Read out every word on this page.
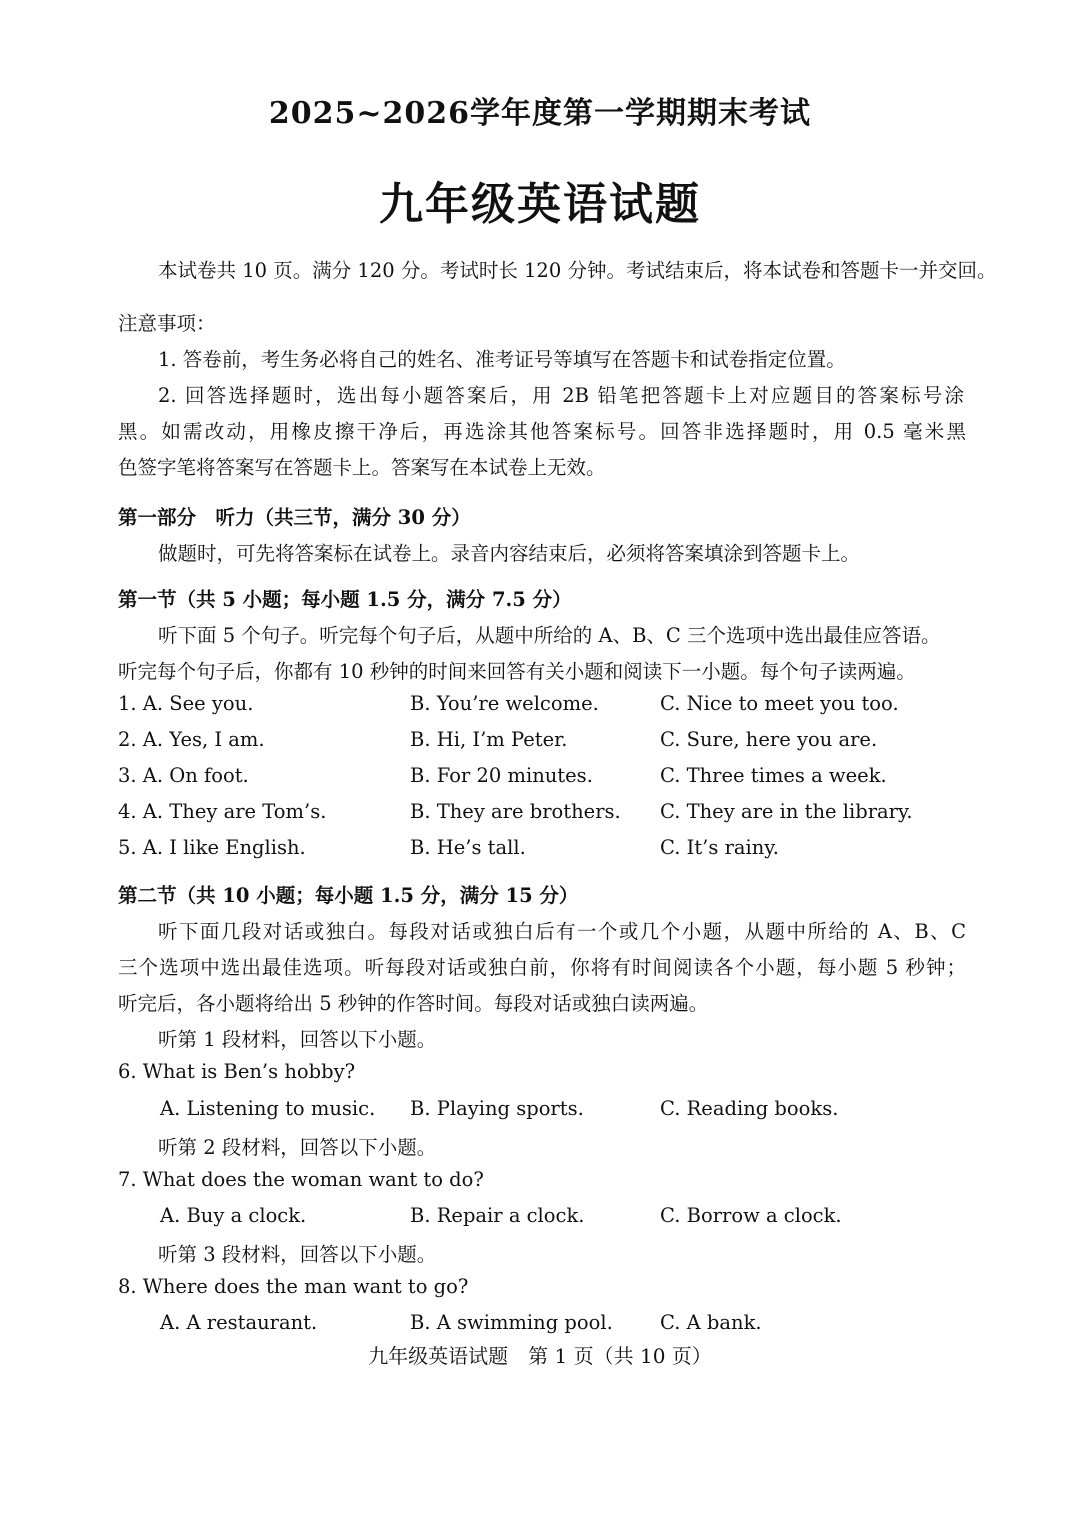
2025~2026学年度第一学期期末考试
九年级英语试题
本试卷共 10 页。满分 120 分。考试时长 120 分钟。考试结束后，将本试卷和答题卡一并交回。
注意事项：
1. 答卷前，考生务必将自己的姓名、准考证号等填写在答题卡和试卷指定位置。
2. 回答选择题时，选出每小题答案后，用 2B 铅笔把答题卡上对应题目的答案标号涂
黑。如需改动，用橡皮擦干净后，再选涂其他答案标号。回答非选择题时，用 0.5 毫米黑
色签字笔将答案写在答题卡上。答案写在本试卷上无效。
第一部分　听力（共三节，满分 30 分）
做题时，可先将答案标在试卷上。录音内容结束后，必须将答案填涂到答题卡上。
第一节（共 5 小题；每小题 1.5 分，满分 7.5 分）
听下面 5 个句子。听完每个句子后，从题中所给的 A、B、C 三个选项中选出最佳应答语。
听完每个句子后，你都有 10 秒钟的时间来回答有关小题和阅读下一小题。每个句子读两遍。
1. A. See you.	B. You’re welcome.	C. Nice to meet you too.
2. A. Yes, I am.	B. Hi, I’m Peter.	C. Sure, here you are.
3. A. On foot.	B. For 20 minutes.	C. Three times a week.
4. A. They are Tom’s.	B. They are brothers. C. They are in the library.
5. A. I like English.	B. He’s tall.	C. It’s rainy.
第二节（共 10 小题；每小题 1.5 分，满分 15 分）
听下面几段对话或独白。每段对话或独白后有一个或几个小题，从题中所给的 A、B、C
三个选项中选出最佳选项。听每段对话或独白前，你将有时间阅读各个小题，每小题 5 秒钟；
听完后，各小题将给出 5 秒钟的作答时间。每段对话或独白读两遍。
听第 1 段材料，回答以下小题。
6. What is Ben’s hobby?
A. Listening to music. B. Playing sports.	C. Reading books.
听第 2 段材料，回答以下小题。
7. What does the woman want to do?
A. Buy a clock.	B. Repair a clock.	C. Borrow a clock.
听第 3 段材料，回答以下小题。
8. Where does the man want to go?
A. A restaurant.	B. A swimming pool. C. A bank.
九年级英语试题　第 1 页（共 10 页）
